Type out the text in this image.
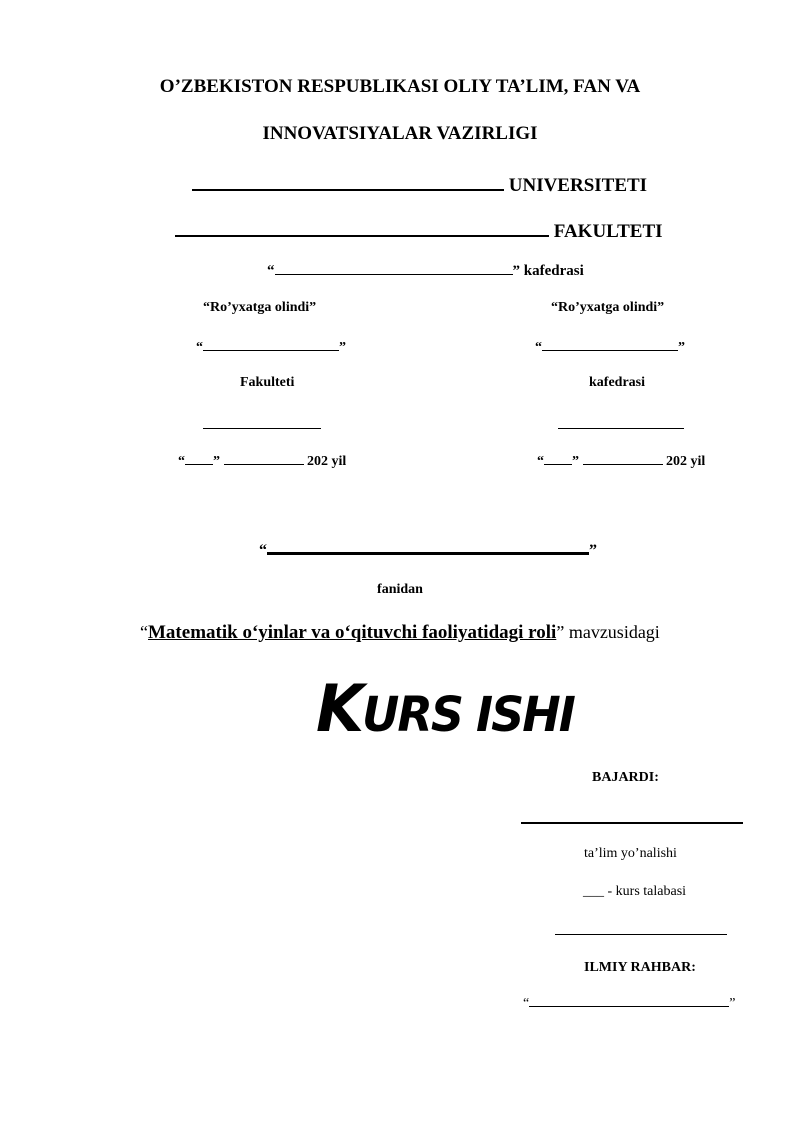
O’ZBEKISTON RESPUBLIKASI OLIY TA’LIM, FAN VA
INNOVATSIYALAR VAZIRLIGI
UNIVERSITETI
FAKULTETI
“	” kafedrasi
“Ro’yxatga olindi”
“	”
Fakulteti
“ ”	202 yil
“Ro’yxatga olindi”
“	”
kafedrasi
“ ”	202 yil
“	”
fanidan
“Matematik o‘yinlar va o‘qituvchi faoliyatidagi roli” mavzusidagi
KURS ISHI
BAJARDI:
ta’lim yo’nalishi
___ - kurs talabasi
ILMIY RAHBAR:
“	”
